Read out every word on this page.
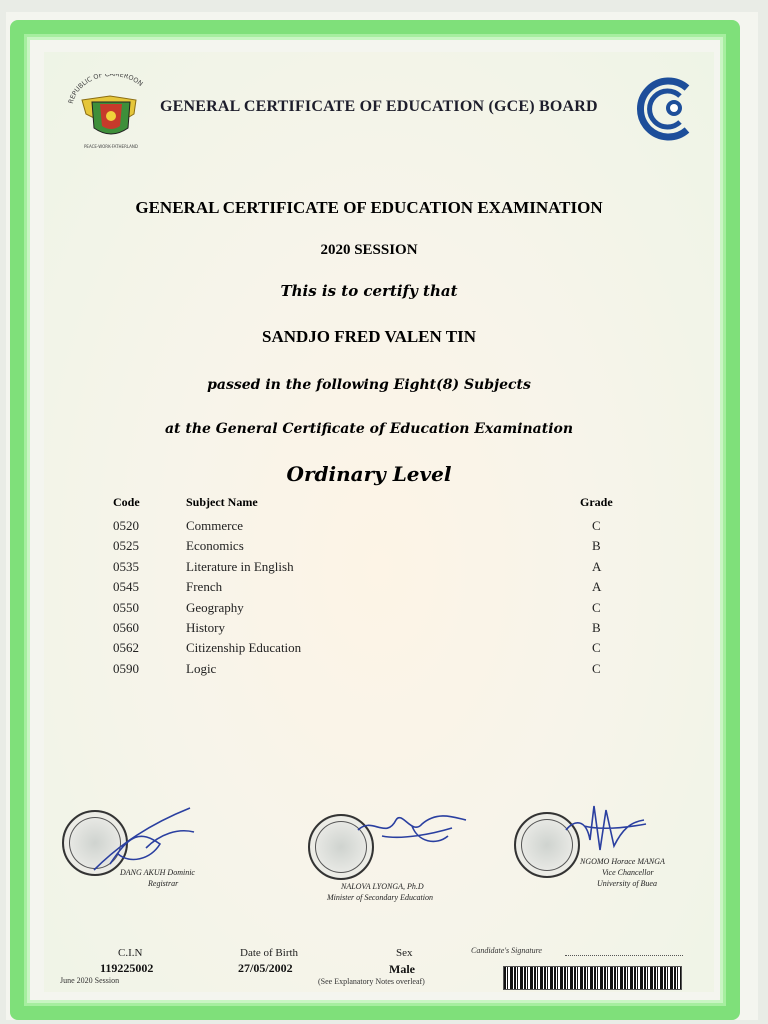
REPUBLIC OF CAMEROON
PEACE-WORK-FATHERLAND
GENERAL CERTIFICATE OF EDUCATION (GCE) BOARD
GENERAL CERTIFICATE OF EDUCATION EXAMINATION
2020 SESSION
This is to certify that
SANDJO FRED VALEN TIN
passed in the following Eight(8) Subjects
at the General Certificate of Education Examination
Ordinary Level
Code	Subject Name	Grade
0520	Commerce	C
0525	Economics	B
0535	Literature in English	A
0545	French	A
0550	Geography	C
0560	History	B
0562	Citizenship Education	C
0590	Logic	C
DANG AKUH Dominic
Registrar	NALOVA LYONGA, Ph.D
Minister of Secondary Education
NGOMO Horace MANGA
Vice Chancellor
University of Buea
C.I.N
119225002
June 2020 Session
Date of Birth
27/05/2002
Sex
Male
(See Explanatory Notes overleaf)
Candidate's Signature
